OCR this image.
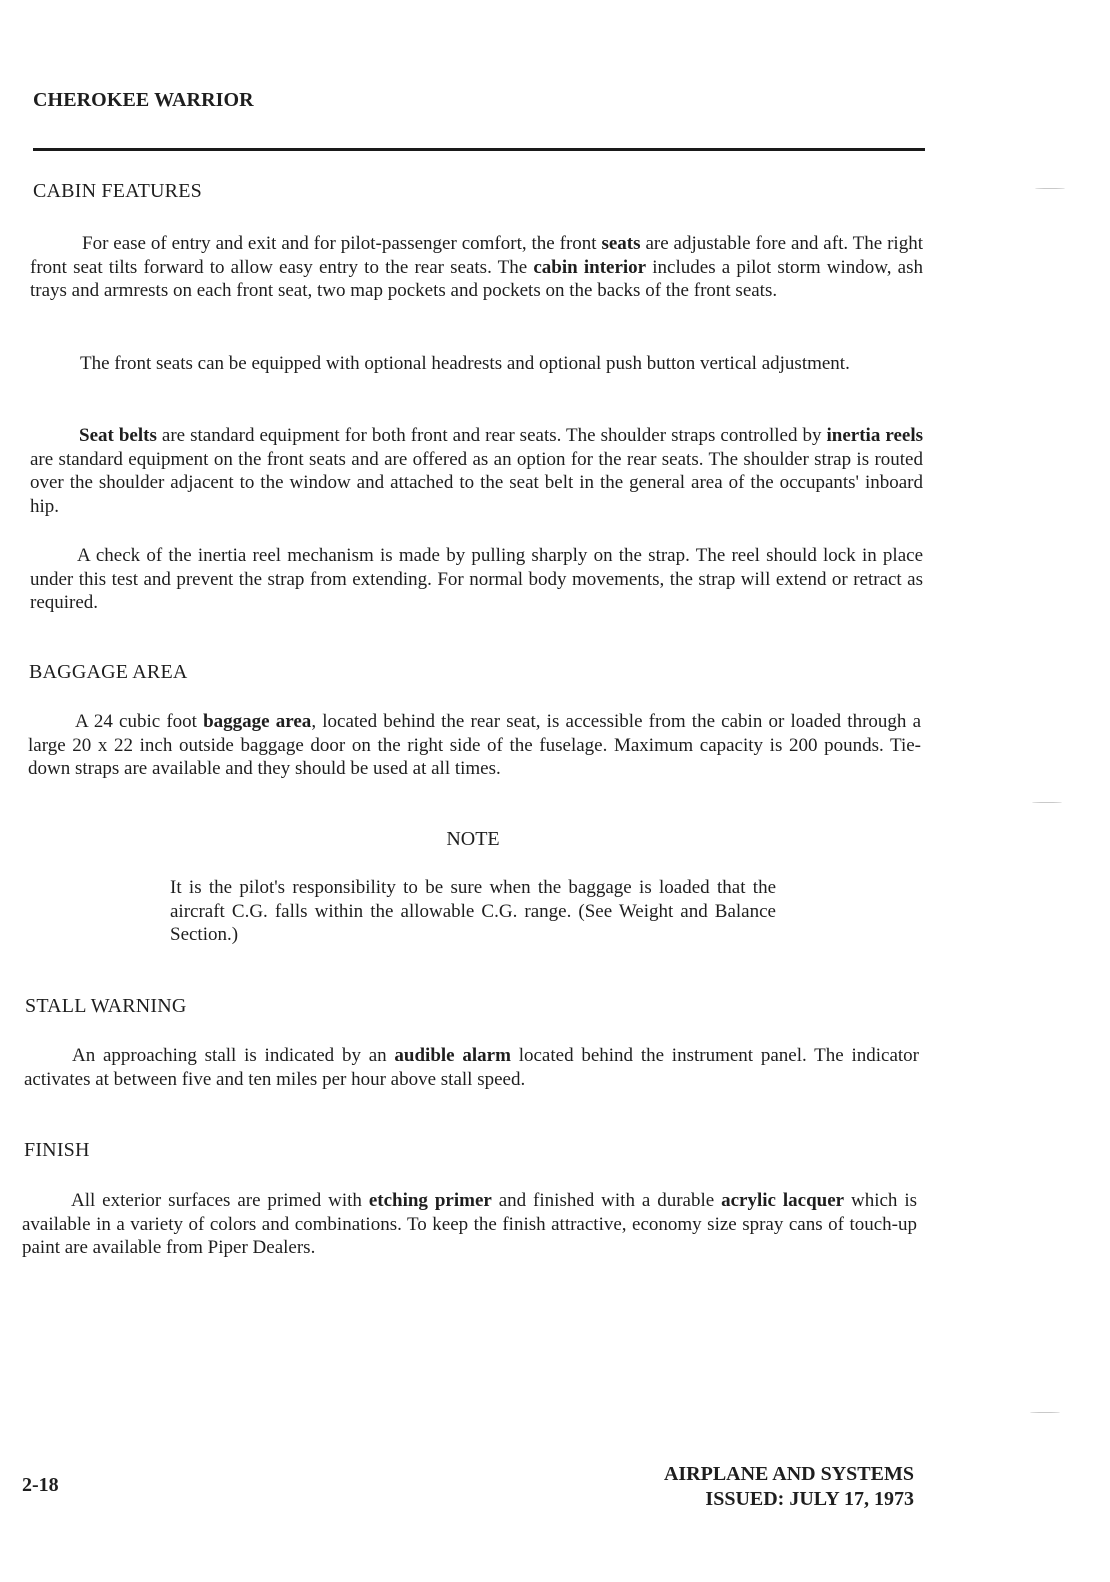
CHEROKEE WARRIOR
CABIN FEATURES
For ease of entry and exit and for pilot-passenger comfort, the front seats are adjustable fore and aft. The right front seat tilts forward to allow easy entry to the rear seats. The cabin interior includes a pilot storm window, ash trays and armrests on each front seat, two map pockets and pockets on the backs of the front seats.
The front seats can be equipped with optional headrests and optional push button vertical adjustment.
Seat belts are standard equipment for both front and rear seats. The shoulder straps controlled by inertia reels are standard equipment on the front seats and are offered as an option for the rear seats. The shoulder strap is routed over the shoulder adjacent to the window and attached to the seat belt in the general area of the occupants' inboard hip.
A check of the inertia reel mechanism is made by pulling sharply on the strap. The reel should lock in place under this test and prevent the strap from extending. For normal body movements, the strap will extend or retract as required.
BAGGAGE AREA
A 24 cubic foot baggage area, located behind the rear seat, is accessible from the cabin or loaded through a large 20 x 22 inch outside baggage door on the right side of the fuselage. Maximum capacity is 200 pounds. Tie-down straps are available and they should be used at all times.
NOTE
It is the pilot's responsibility to be sure when the baggage is loaded that the aircraft C.G. falls within the allowable C.G. range. (See Weight and Balance Section.)
STALL WARNING
An approaching stall is indicated by an audible alarm located behind the instrument panel. The indicator activates at between five and ten miles per hour above stall speed.
FINISH
All exterior surfaces are primed with etching primer and finished with a durable acrylic lacquer which is available in a variety of colors and combinations. To keep the finish attractive, economy size spray cans of touch-up paint are available from Piper Dealers.
2-18	AIRPLANE AND SYSTEMS
ISSUED: JULY 17, 1973
